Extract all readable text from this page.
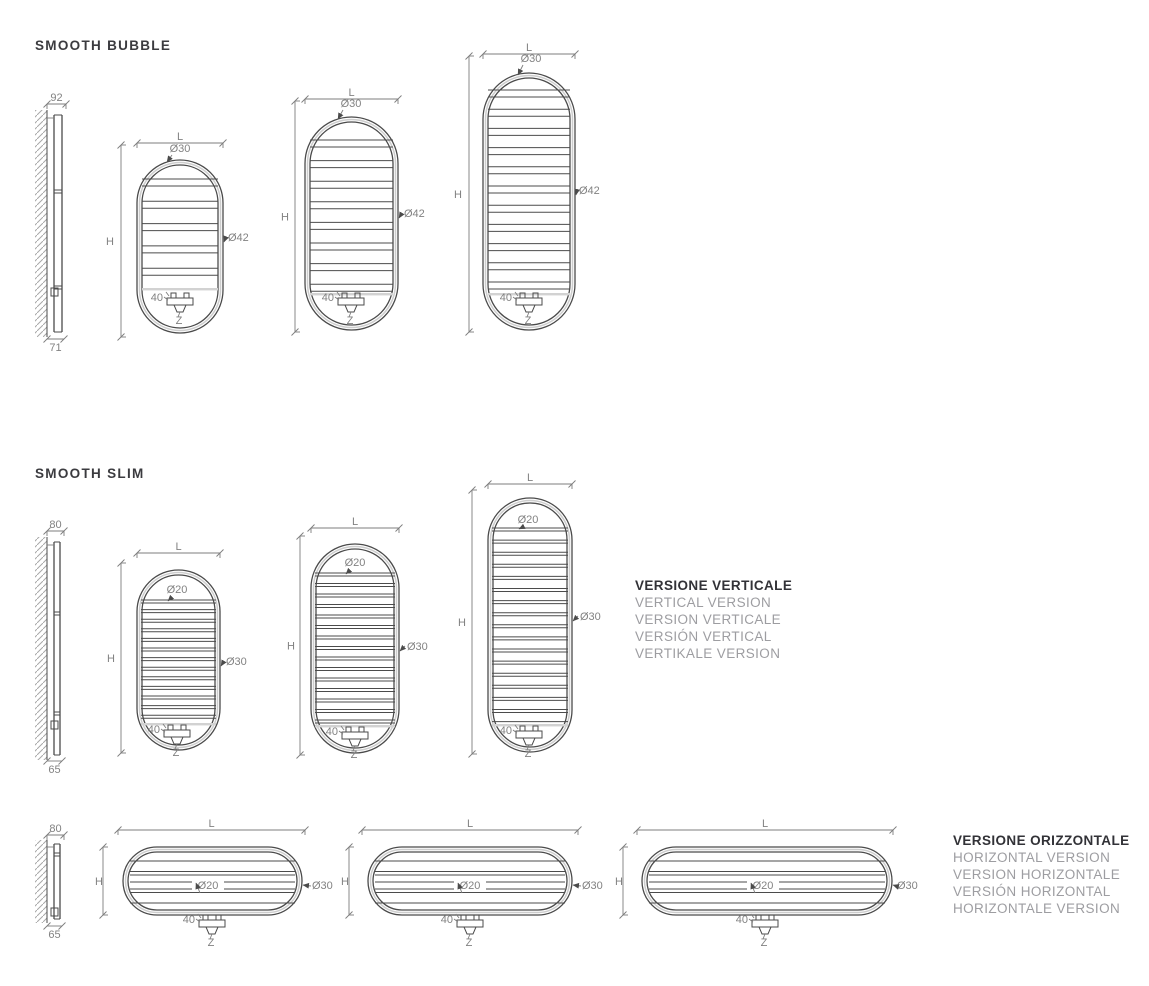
SMOOTH BUBBLE
SMOOTH SLIM
VERSIONE VERTICALE
VERTICAL VERSION
VERSION VERTICALE
VERSIÓN VERTICAL
VERTIKALE VERSION
VERSIONE ORIZZONTALE
HORIZONTAL VERSION
VERSION HORIZONTALE
VERSIÓN HORIZONTAL
HORIZONTALE VERSION
92
71
80
65
80
65
L
H
Z
40
Ø30
Ø42
L
H
Z
40
Ø30
Ø42
L
H
Z
40
Ø30
Ø42
L
H
Z
40
Ø20
Ø30
L
H
Z
40
Ø20
Ø30
L
H
Z
40
Ø20
Ø30
L
H	Ø20	Ø30
Z
40
L
H	Ø20	Ø30
Z
40
L
H	Ø20	Ø30
Z
40
